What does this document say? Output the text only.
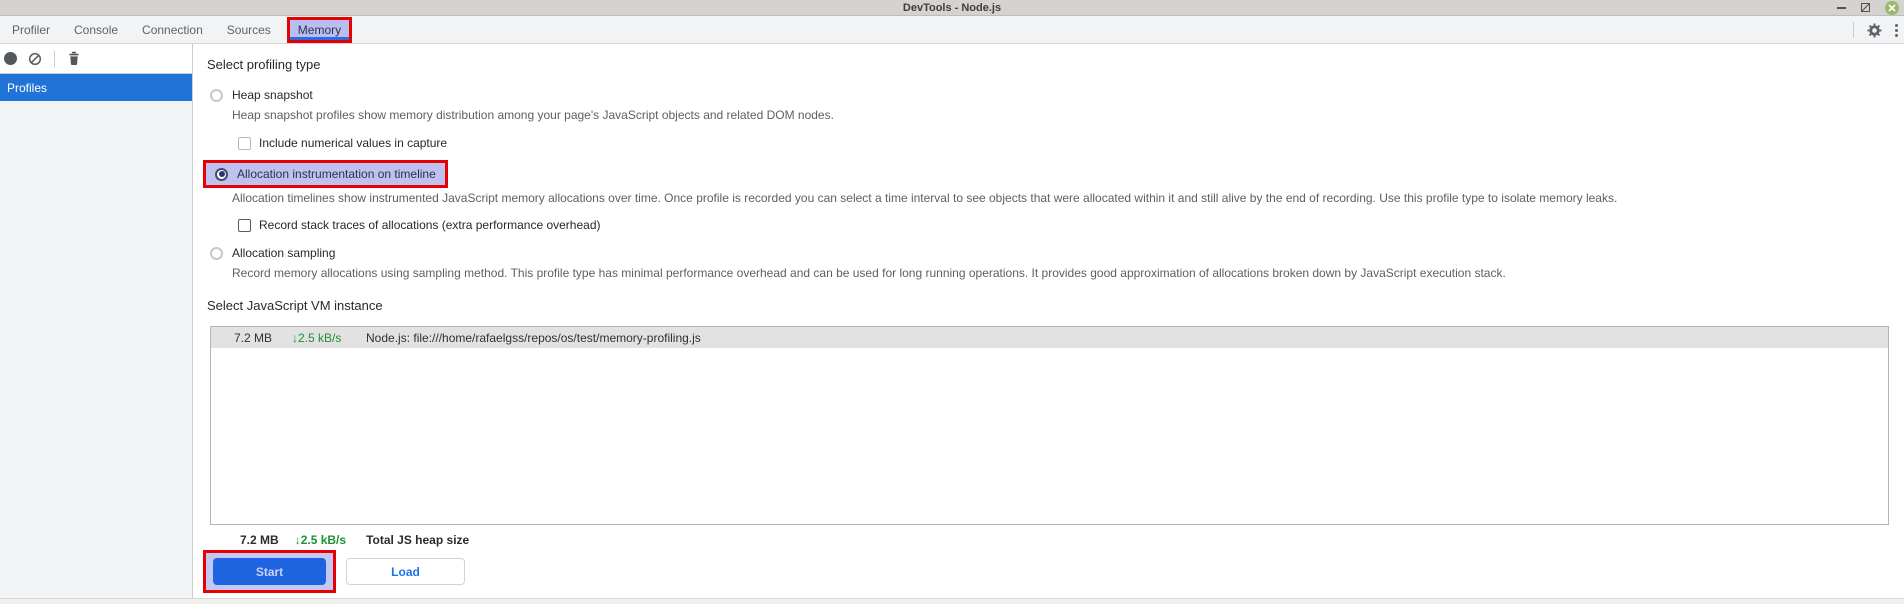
DevTools - Node.js
Profiler	Console	Connection	Sources	Memory
Profiles
Select profiling type
Heap snapshot
Heap snapshot profiles show memory distribution among your page's JavaScript objects and related DOM nodes.
Include numerical values in capture
Allocation instrumentation on timeline
Allocation timelines show instrumented JavaScript memory allocations over time. Once profile is recorded you can select a time interval to see objects that were allocated within it and still alive by the end of recording. Use this profile type to isolate memory leaks.
Record stack traces of allocations (extra performance overhead)
Allocation sampling
Record memory allocations using sampling method. This profile type has minimal performance overhead and can be used for long running operations. It provides good approximation of allocations broken down by JavaScript execution stack.
Select JavaScript VM instance
7.2 MB	↓2.5 kB/s	Node.js: file:///home/rafaelgss/repos/os/test/memory-profiling.js
7.2 MB ↓2.5 kB/s Total JS heap size
Start	Load
